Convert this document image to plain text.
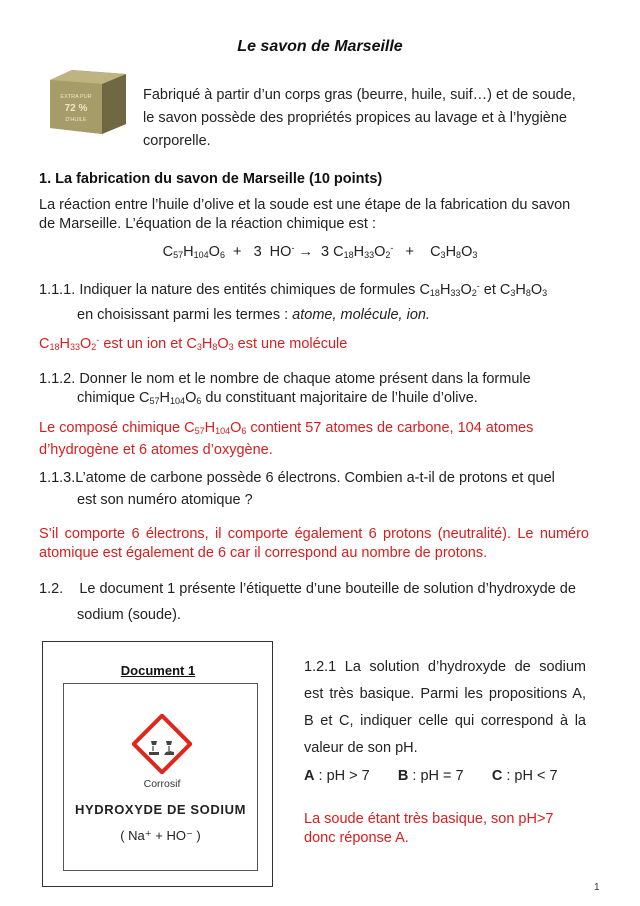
Le savon de Marseille
EXTRA PUR
72 %
D'HUILE
Fabriqué à partir d’un corps gras (beurre, huile, suif…) et de soude, le savon possède des propriétés propices au lavage et à l’hygiène corporelle.
1. La fabrication du savon de Marseille (10 points)
La réaction entre l’huile d’olive et la soude est une étape de la fabrication du savon de Marseille. L’équation de la réaction chimique est :
$C_{57}H_{104}O_6 + 3$  HO- →  3 $C_{18}H_{33}O_2^-$   +    $C_3H_8O_3$
1.1.1. Indiquer la nature des entités chimiques de formules $C_{18}H_{33}O_2^-$ et $C_3H_8O_3$
en choisissant parmi les termes : atome, molécule, ion.
$C_{18}H_{33}O_2^-$ est un ion et $C_3H_8O_3$ est une molécule
1.1.2. Donner le nom et le nombre de chaque atome présent dans la formule
chimique $C_{57}H_{104}O_6$ du constituant majoritaire de l’huile d’olive.
Le composé chimique $C_{57}H_{104}O_6$ contient 57 atomes de carbone, 104 atomes d’hydrogène et 6 atomes d’oxygène.
1.1.3.L’atome de carbone possède 6 électrons. Combien a-t-il de protons et quel
est son numéro atomique ?
S’il comporte 6 électrons, il comporte également 6 protons (neutralité). Le numéro atomique est également de 6 car il correspond au nombre de protons.
1.2. Le document 1 présente l’étiquette d’une bouteille de solution d’hydroxyde de
sodium (soude).
Document 1
Corrosif
HYDROXYDE DE SODIUM
( Na⁺ + HO⁻ )
1.2.1 La solution d’hydroxyde de sodium est très basique. Parmi les propositions A, B et C, indiquer celle qui correspond à la valeur de son pH.
A : pH > 7 B : pH = 7 C : pH < 7
La soude étant très basique, son pH>7 donc réponse A.
1
